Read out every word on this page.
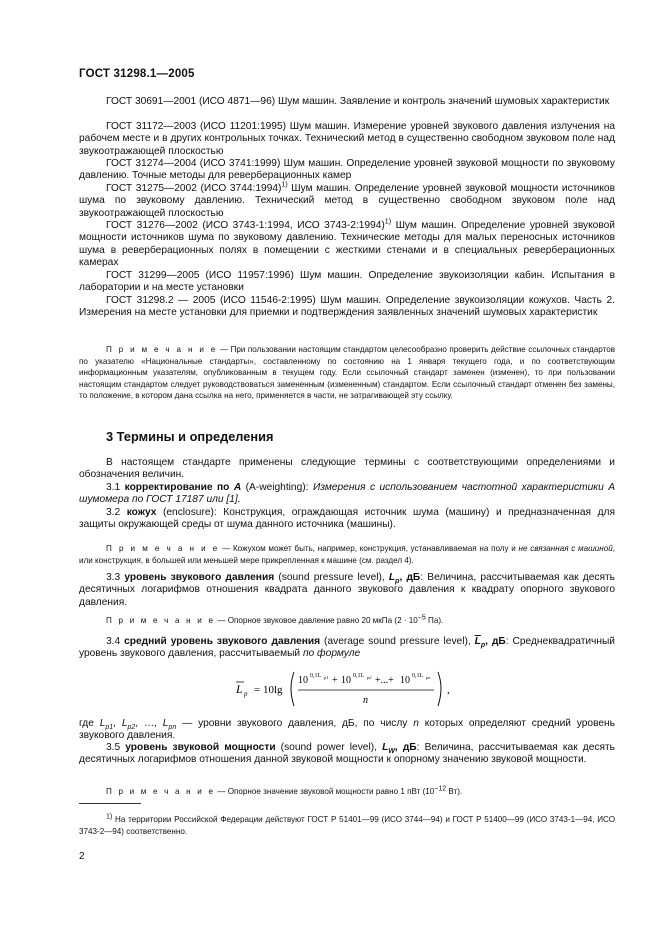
ГОСТ 31298.1—2005
ГОСТ 30691—2001 (ИСО 4871—96) Шум машин. Заявление и контроль значений шумовых характеристик
ГОСТ 31172—2003 (ИСО 11201:1995) Шум машин. Измерение уровней звукового давления излучения на рабочем месте и в других контрольных точках. Технический метод в существенно свободном звуковом поле над звукоотражающей плоскостью
ГОСТ 31274—2004 (ИСО 3741:1999) Шум машин. Определение уровней звуковой мощности по звуковому давлению. Точные методы для реверберационных камер
ГОСТ 31275—2002 (ИСО 3744:1994)$^{1)}$ Шум машин. Определение уровней звуковой мощности источников шума по звуковому давлению. Технический метод в существенно свободном звуковом поле над звукоотражающей плоскостью
ГОСТ 31276—2002 (ИСО 3743-1:1994, ИСО 3743-2:1994)$^{1)}$ Шум машин. Определение уровней звуковой мощности источников шума по звуковому давлению. Технические методы для малых переносных источников шума в реверберационных полях в помещении с жесткими стенами и в специальных реверберационных камерах
ГОСТ 31299—2005 (ИСО 11957:1996) Шум машин. Определение звукоизоляции кабин. Испытания в лаборатории и на месте установки
ГОСТ 31298.2 — 2005 (ИСО 11546-2:1995) Шум машин. Определение звукоизоляции кожухов. Часть 2. Измерения на месте установки для приемки и подтверждения заявленных значений шумовых характеристик
П р и м е ч а н и е — При пользовании настоящим стандартом целесообразно проверить действие ссылочных стандартов по указателю «Национальные стандарты», составленному по состоянию на 1 января текущего года, и по соответствующим информационным указателям, опубликованным в текущем году. Если ссылочный стандарт заменен (изменен), то при пользовании настоящим стандартом следует руководствоваться замененным (измененным) стандартом. Если ссылочный стандарт отменен без замены, то положение, в котором дана ссылка на него, применяется в части, не затрагивающей эту ссылку.
3 Термины и определения
В настоящем стандарте применены следующие термины с соответствующими определениями и обозначения величин.
3.1 корректирование по A (A-weighting): Измерения с использованием частотной характеристики A шумомера по ГОСТ 17187 или [1].
3.2 кожух (enclosure): Конструкция, ограждающая источник шума (машину) и предназначенная для защиты окружающей среды от шума данного источника (машины).
П р и м е ч а н и е — Кожухом может быть, например, конструкция, устанавливаемая на полу и не связанная с машиной, или конструкция, в большей или меньшей мере прикрепленная к машине (см. раздел 4).
3.3 уровень звукового давления (sound pressure level), $L_p$, дБ: Величина, рассчитываемая как десять десятичных логарифмов отношения квадрата данного звукового давления к квадрату опорного звукового давления.
П р и м е ч а н и е — Опорное звуковое давление равно 20 мкПа ($2 \cdot 10^{-5}$ Па).
3.4 средний уровень звукового давления (average sound pressure level), $\overline{L}_p$, дБ: Среднеквадратичный уровень звукового давления, рассчитываемый по формуле
L p = 10lg
10 0,1L p1 + 10 0,1L p2 +...+ 10 0,1L pn
n
,
где $L_{p1}$, $L_{p2}$, …, $L_{pn}$ — уровни звукового давления, дБ, по числу n которых определяют средний уровень звукового давления.
3.5 уровень звуковой мощности (sound power level), $L_W$, дБ: Величина, рассчитываемая как десять десятичных логарифмов отношения данной звуковой мощности к опорному значению звуковой мощности.
П р и м е ч а н и е — Опорное значение звуковой мощности равно 1 пВт ($10^{-12}$ Вт).
$^{1)}$ На территории Российской Федерации действуют ГОСТ Р 51401—99 (ИСО 3744—94) и ГОСТ Р 51400—99 (ИСО 3743-1—94, ИСО 3743-2—94) соответственно.
2
